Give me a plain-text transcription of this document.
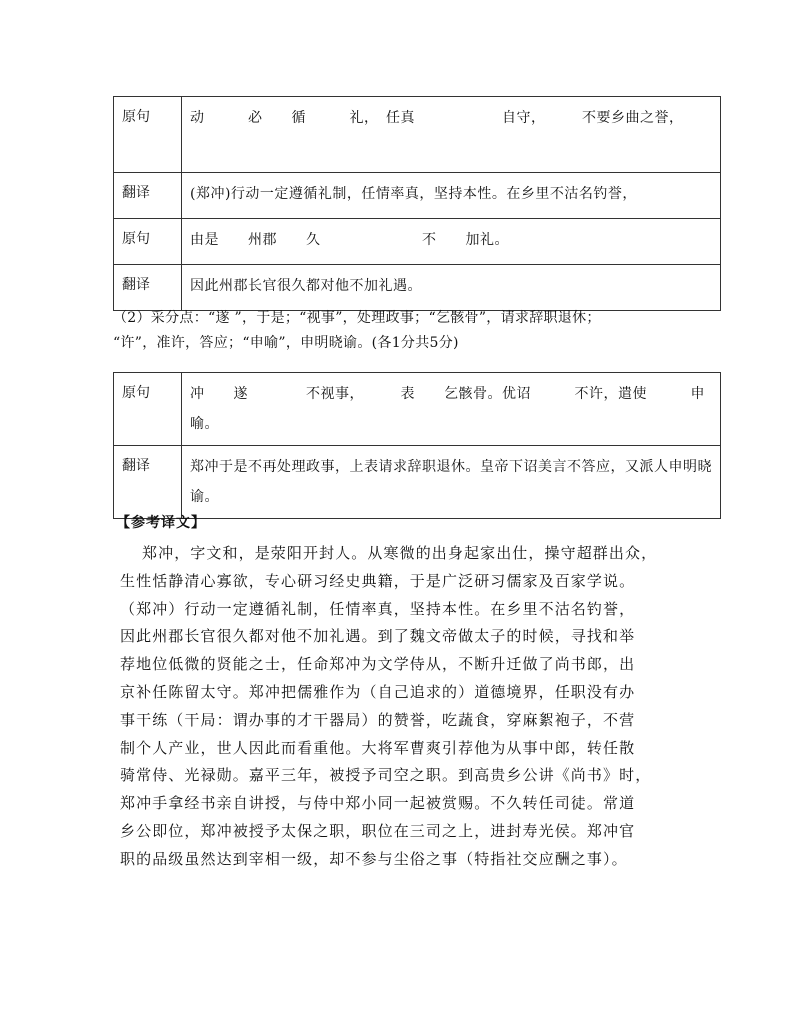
原句	动　　　必　　循　　　礼，　任真　　　　　　自守，　　　不要乡曲之誉，
翻译	(郑冲)行动一定遵循礼制，任情率真，坚持本性。在乡里不沽名钓誉，
原句	由是　　州郡　　久　　　　　　　不　　加礼。
翻译	因此州郡长官很久都对他不加礼遇。
（2）采分点：“遂 ”，于是；“视事”，处理政事；“乞骸骨”，请求辞职退休；
“许”，准许，答应；“申喻”，申明晓谕。(各1分共5分)
原句	冲　　遂　　　　不视事，　　　表　　乞骸骨。优诏　　　不许，遣使　　　申喻。
翻译	郑冲于是不再处理政事，上表请求辞职退休。皇帝下诏美言不答应，又派人申明晓谕。
【参考译文】
郑冲，字文和，是荥阳开封人。从寒微的出身起家出仕，操守超群出众，
生性恬静清心寡欲，专心研习经史典籍，于是广泛研习儒家及百家学说。
（郑冲）行动一定遵循礼制，任情率真，坚持本性。在乡里不沽名钓誉，
因此州郡长官很久都对他不加礼遇。到了魏文帝做太子的时候，寻找和举
荐地位低微的贤能之士，任命郑冲为文学侍从，不断升迁做了尚书郎，出
京补任陈留太守。郑冲把儒雅作为（自己追求的）道德境界，任职没有办
事干练（干局：谓办事的才干器局）的赞誉，吃蔬食，穿麻絮袍子，不营
制个人产业，世人因此而看重他。大将军曹爽引荐他为从事中郎，转任散
骑常侍、光禄勋。嘉平三年，被授予司空之职。到高贵乡公讲《尚书》时，
郑冲手拿经书亲自讲授，与侍中郑小同一起被赏赐。不久转任司徒。常道
乡公即位，郑冲被授予太保之职，职位在三司之上，进封寿光侯。郑冲官
职的品级虽然达到宰相一级，却不参与尘俗之事（特指社交应酬之事）。
